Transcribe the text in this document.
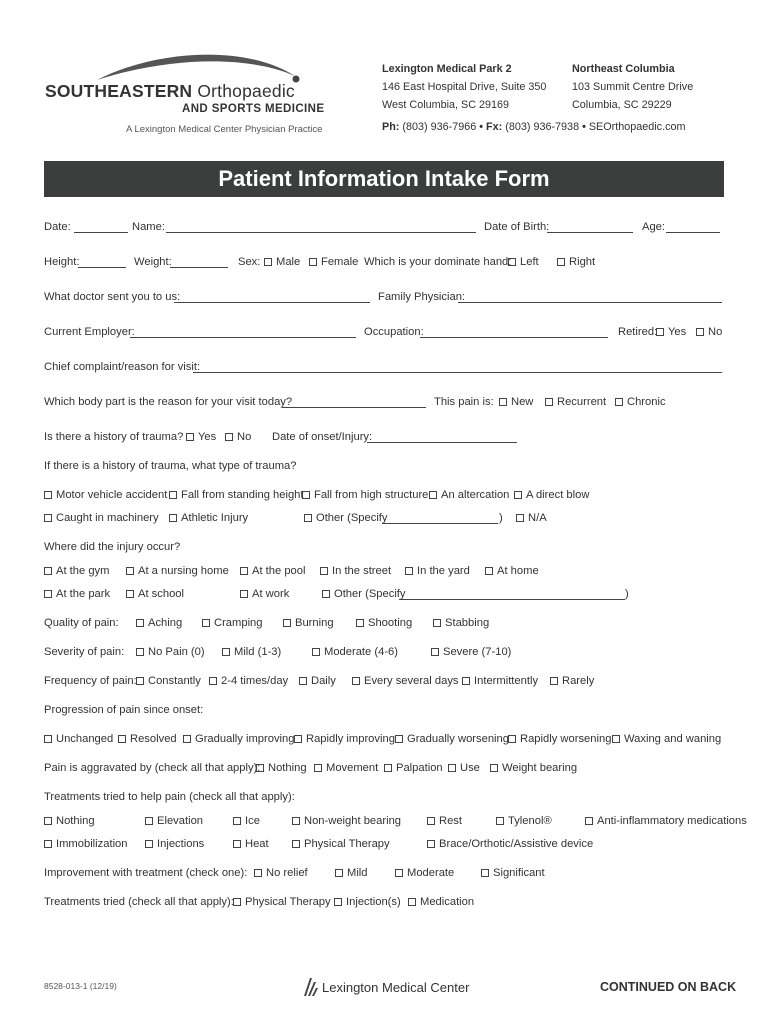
SOUTHEASTERN Orthopaedic
AND SPORTS MEDICINE
A Lexington Medical Center Physician Practice
Lexington Medical Park 2
146 East Hospital Drive, Suite 350
West Columbia, SC 29169
Northeast Columbia
103 Summit Centre Drive
Columbia, SC 29229
Ph: (803) 936-7966 • Fx: (803) 936-7938 • SEOrthopaedic.com
Patient Information Intake Form
Date:	Name:	Date of Birth:	Age:
Height:	Weight:	Sex:	Male	Female Which is your dominate hand: Left	Right
What doctor sent you to us:	Family Physician:
Current Employer:	Occupation:	Retired: Yes	No
Chief complaint/reason for visit:
Which body part is the reason for your visit today?	This pain is:	New	Recurrent	Chronic
Is there a history of trauma?	Yes	No Date of onset/Injury:
If there is a history of trauma, what type of trauma?
Motor vehicle accident	Fall from standing height Fall from high structure	An altercation	A direct blow
Caught in machinery	Athletic Injury	Other (Specify	)	N/A
Where did the injury occur?
At the gym	At a nursing home	At the pool	In the street	In the yard	At home
At the park	At school	At work	Other (Specify	)
Quality of pain:	Aching	Cramping	Burning	Shooting	Stabbing
Severity of pain:	No Pain (0)	Mild (1-3)	Moderate (4-6)	Severe (7-10)
Frequency of pain:	Constantly	2-4 times/day	Daily	Every several days	Intermittently	Rarely
Progression of pain since onset:
Unchanged	Resolved	Gradually improving	Rapidly improving	Gradually worsening Rapidly worsening	Waxing and waning
Pain is aggravated by (check all that apply): Nothing	Movement	Palpation	Use	Weight bearing
Treatments tried to help pain (check all that apply):
Nothing	Elevation	Ice	Non-weight bearing	Rest	Tylenol®	Anti-inflammatory medications
Immobilization	Injections	Heat	Physical Therapy	Brace/Orthotic/Assistive device
Improvement with treatment (check one):	No relief	Mild	Moderate	Significant
Treatments tried (check all that apply): Physical Therapy	Injection(s)	Medication
8528-013-1 (12/19)	Lexington Medical Center	CONTINUED ON BACK
